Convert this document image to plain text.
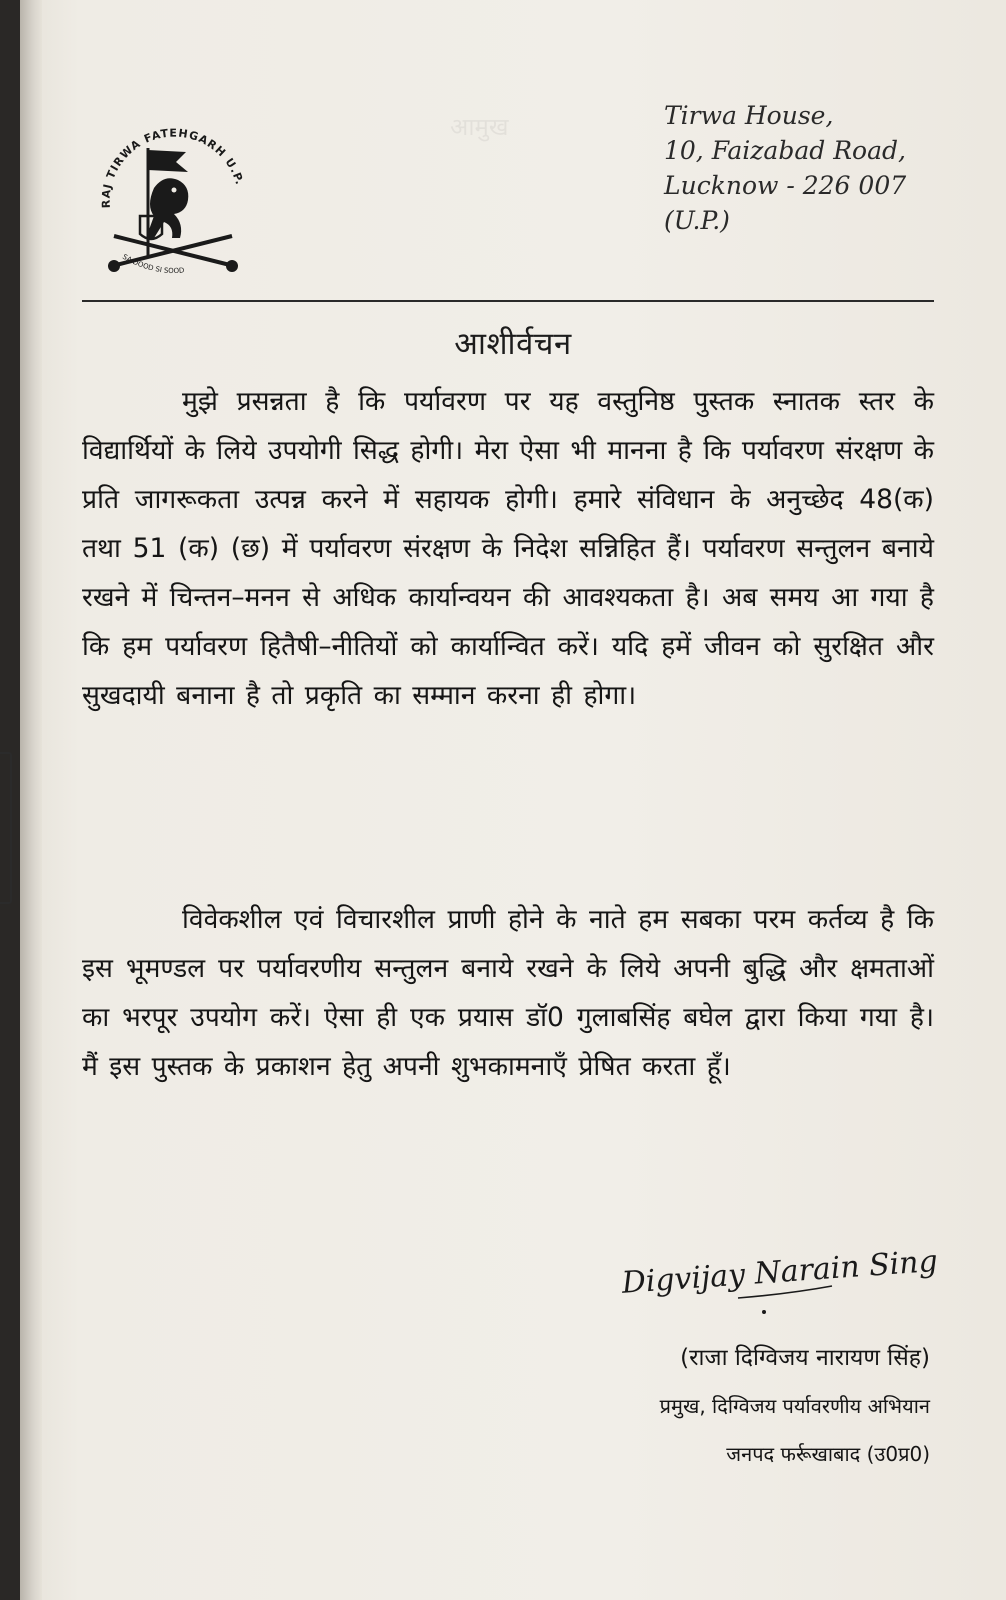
आमुख
RAJ TIRWA FATEHGARH U.P.
SA DOOD SI SOOD
Tirwa House,
10, Faizabad Road,
Lucknow - 226 007
(U.P.)
आशीर्वचन
मुझे प्रसन्नता है कि पर्यावरण पर यह वस्तुनिष्ठ पुस्तक स्नातक स्तर के विद्यार्थियों के लिये उपयोगी सिद्ध होगी। मेरा ऐसा भी मानना है कि पर्यावरण संरक्षण के प्रति जागरूकता उत्पन्न करने में सहायक होगी। हमारे संविधान के अनुच्छेद 48(क) तथा 51 (क) (छ) में पर्यावरण संरक्षण के निदेश सन्निहित हैं। पर्यावरण सन्तुलन बनाये रखने में चिन्तन–मनन से अधिक कार्यान्वयन की आवश्यकता है। अब समय आ गया है कि हम पर्यावरण हितैषी–नीतियों को कार्यान्वित करें। यदि हमें जीवन को सुरक्षित और सुखदायी बनाना है तो प्रकृति का सम्मान करना ही होगा।
विवेकशील एवं विचारशील प्राणी होने के नाते हम सबका परम कर्तव्य है कि इस भूमण्डल पर पर्यावरणीय सन्तुलन बनाये रखने के लिये अपनी बुद्धि और क्षमताओं का भरपूर उपयोग करें। ऐसा ही एक प्रयास डॉ0 गुलाबसिंह बघेल द्वारा किया गया है। मैं इस पुस्तक के प्रकाशन हेतु अपनी शुभकामनाएँ प्रेषित करता हूँ।
Digvijay Narain Singh
(राजा दिग्विजय नारायण सिंह)
प्रमुख, दिग्विजय पर्यावरणीय अभियान
जनपद फर्रूखाबाद (उ0प्र0)
